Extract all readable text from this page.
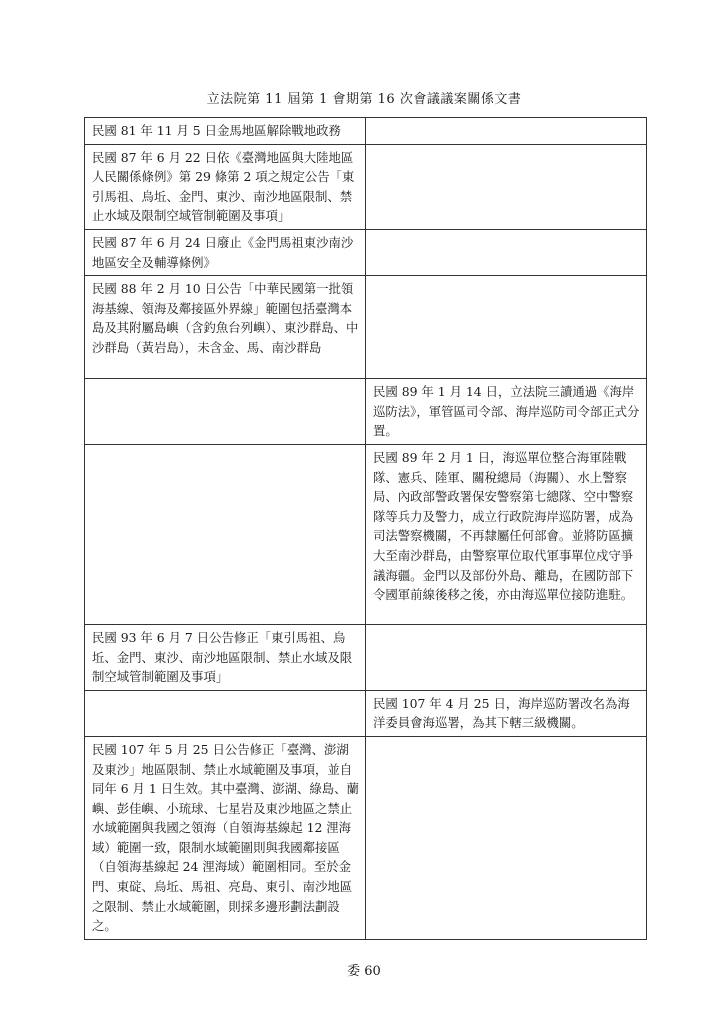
立法院第 11 屆第 1 會期第 16 次會議議案關係文書
民國 81 年 11 月 5 日金馬地區解除戰地政務	
民國 87 年 6 月 22 日依《臺灣地區與大陸地區人民關係條例》第 29 條第 2 項之規定公告「東引馬祖、烏坵、金門、東沙、南沙地區限制、禁止水域及限制空域管制範圍及事項」	
民國 87 年 6 月 24 日廢止《金門馬祖東沙南沙地區安全及輔導條例》	
民國 88 年 2 月 10 日公告「中華民國第一批領海基線、領海及鄰接區外界線」範圍包括臺灣本島及其附屬島嶼（含釣魚台列嶼）、東沙群島、中沙群島（黃岩島），未含金、馬、南沙群島	
	民國 89 年 1 月 14 日，立法院三讀通過《海岸巡防法》，軍管區司令部、海岸巡防司令部正式分置。
	民國 89 年 2 月 1 日，海巡單位整合海軍陸戰隊、憲兵、陸軍、關稅總局（海關）、水上警察局、內政部警政署保安警察第七總隊、空中警察隊等兵力及警力，成立行政院海岸巡防署，成為司法警察機關，不再隸屬任何部會。並將防區擴大至南沙群島，由警察單位取代軍事單位戍守爭議海疆。金門以及部份外島、離島，在國防部下令國軍前線後移之後，亦由海巡單位接防進駐。
民國 93 年 6 月 7 日公告修正「東引馬祖、烏坵、金門、東沙、南沙地區限制、禁止水域及限制空域管制範圍及事項」	
	民國 107 年 4 月 25 日，海岸巡防署改名為海洋委員會海巡署，為其下轄三級機關。
民國 107 年 5 月 25 日公告修正「臺灣、澎湖及東沙」地區限制、禁止水域範圍及事項，並自同年 6 月 1 日生效。其中臺灣、澎湖、綠島、蘭嶼、彭佳嶼、小琉球、七星岩及東沙地區之禁止水域範圍與我國之領海（自領海基線起 12 浬海域）範圍一致，限制水域範圍則與我國鄰接區（自領海基線起 24 浬海域）範圍相同。至於金門、東碇、烏坵、馬祖、亮島、東引、南沙地區之限制、禁止水域範圍，則採多邊形劃法劃設之。	
委 60
